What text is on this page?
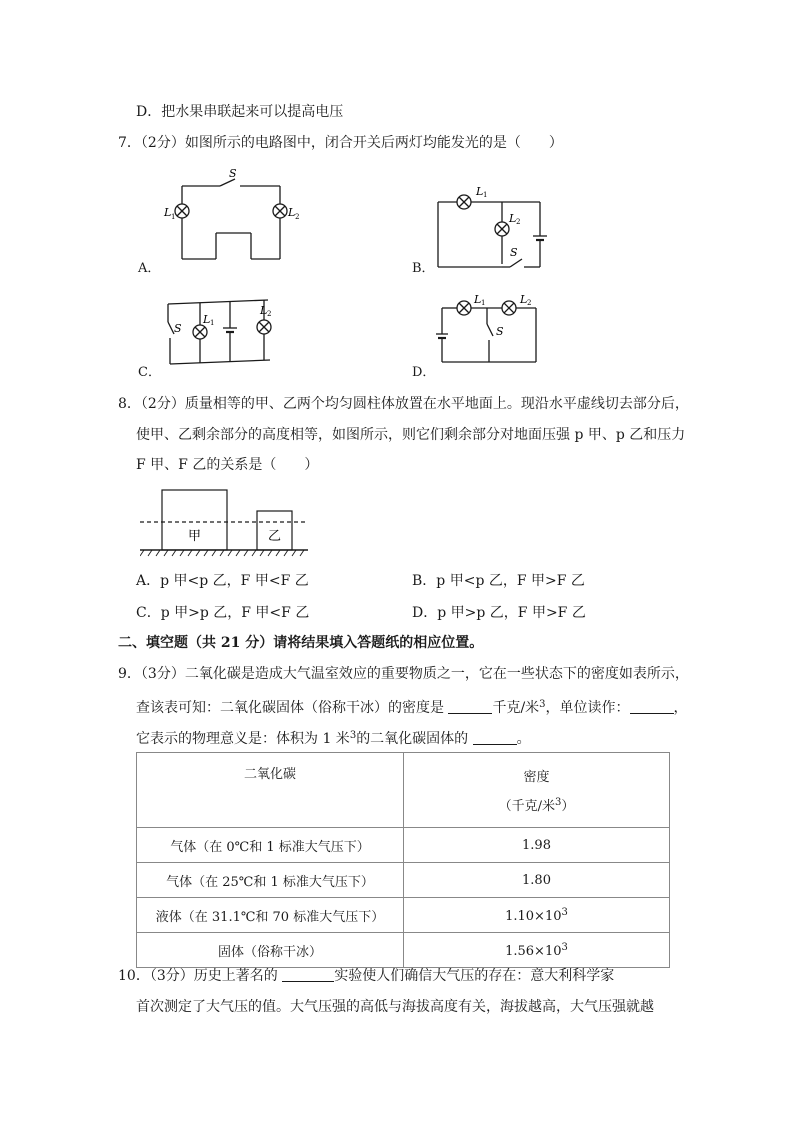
D．把水果串联起来可以提高电压
7．（2分）如图所示的电路图中，闭合开关后两灯均能发光的是（　　）
S
L 1	L 2
A．
L 1
L 2
S
B．
S
L 1
L 2
C．
L 1	L 2
S
D．
8．（2分）质量相等的甲、乙两个均匀圆柱体放置在水平地面上。现沿水平虚线切去部分后，
使甲、乙剩余部分的高度相等，如图所示，则它们剩余部分对地面压强 p 甲、p 乙和压力
F 甲、F 乙的关系是（　　）
甲	乙
A．p 甲<p 乙，F 甲<F 乙	B．p 甲<p 乙，F 甲>F 乙
C．p 甲>p 乙，F 甲<F 乙	D．p 甲>p 乙，F 甲>F 乙
二、填空题（共 21 分）请将结果填入答题纸的相应位置。
9．（3分）二氧化碳是造成大气温室效应的重要物质之一，它在一些状态下的密度如表所示，
查该表可知：二氧化碳固体（俗称干冰）的密度是	千克/米$^3$，单位读作：	，
它表示的物理意义是：体积为 1 米$^3$的二氧化碳固体的	。
二氧化碳	密度
（千克/米$^3$）

气体（在 0℃和 1 标准大气压下）	1.98
气体（在 25℃和 1 标准大气压下）	1.80
液体（在 31.1℃和 70 标准大气压下）	$1.10\times 10^3$
固体（俗称干冰）	$1.56\times 10^3$
10．（3分）历史上著名的	实验使人们确信大气压的存在：意大利科学家
首次测定了大气压的值。大气压强的高低与海拔高度有关，海拔越高，大气压强就越
